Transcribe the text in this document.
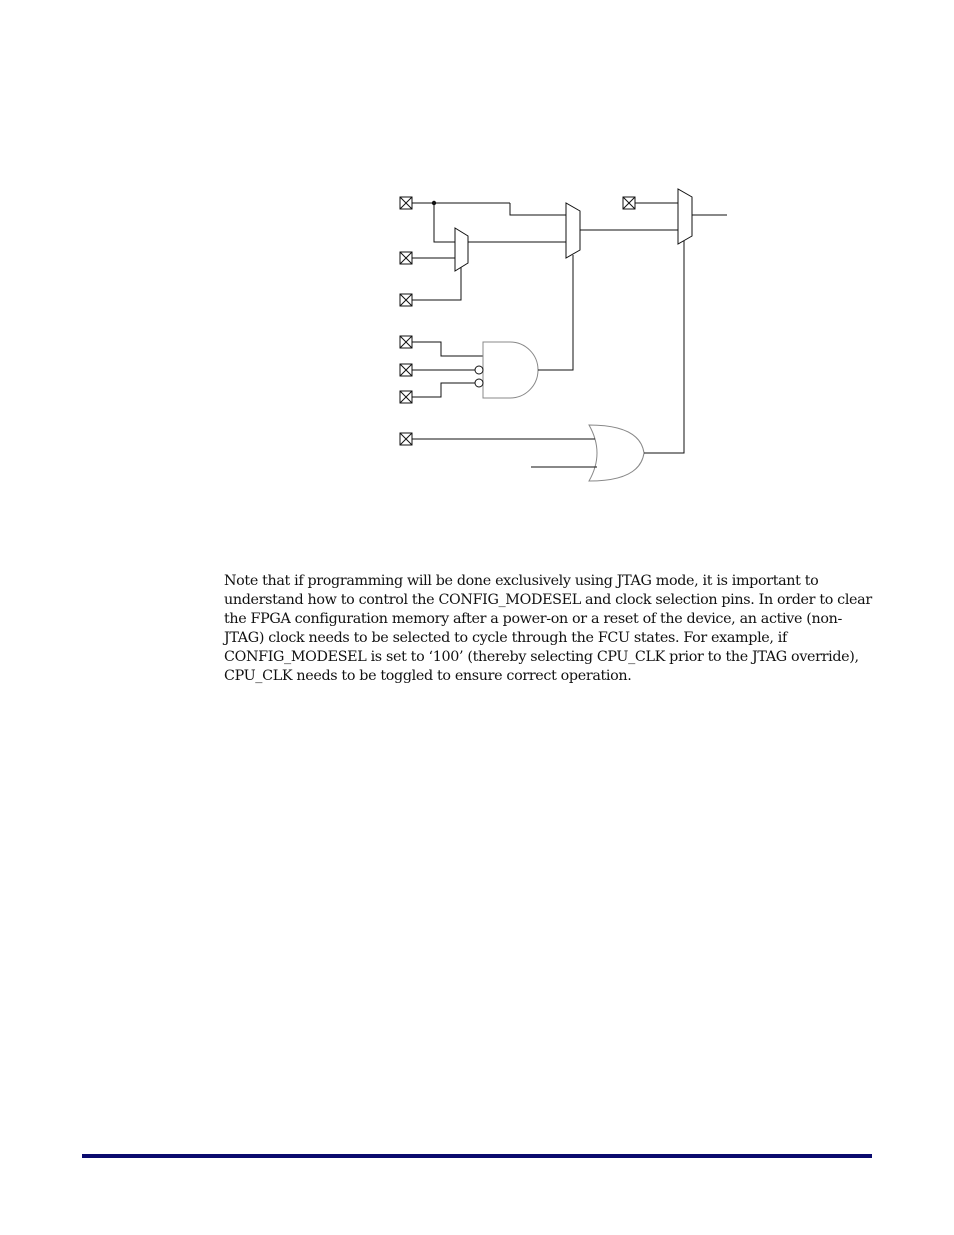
Note that if programming will be done exclusively using JTAG mode, it is important to
understand how to control the CONFIG_MODESEL and clock selection pins. In order to clear
the FPGA configuration memory after a power-on or a reset of the device, an active (non-
JTAG) clock needs to be selected to cycle through the FCU states. For example, if
CONFIG_MODESEL is set to ‘100’ (thereby selecting CPU_CLK prior to the JTAG override),
CPU_CLK needs to be toggled to ensure correct operation.
